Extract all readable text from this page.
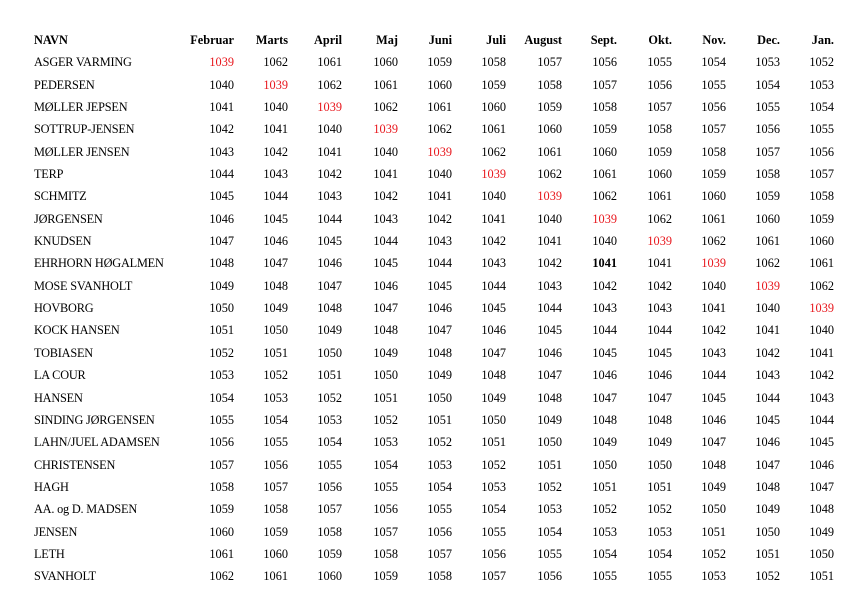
NAVN	Februar	Marts	April	Maj	Juni	Juli	August	Sept.	Okt.	Nov.	Dec.	Jan.
ASGER VARMING	1039	1062	1061	1060	1059	1058	1057	1056	1055	1054	1053	1052
PEDERSEN	1040	1039	1062	1061	1060	1059	1058	1057	1056	1055	1054	1053
MØLLER JEPSEN	1041	1040	1039	1062	1061	1060	1059	1058	1057	1056	1055	1054
SOTTRUP-JENSEN	1042	1041	1040	1039	1062	1061	1060	1059	1058	1057	1056	1055
MØLLER JENSEN	1043	1042	1041	1040	1039	1062	1061	1060	1059	1058	1057	1056
TERP	1044	1043	1042	1041	1040	1039	1062	1061	1060	1059	1058	1057
SCHMITZ	1045	1044	1043	1042	1041	1040	1039	1062	1061	1060	1059	1058
JØRGENSEN	1046	1045	1044	1043	1042	1041	1040	1039	1062	1061	1060	1059
KNUDSEN	1047	1046	1045	1044	1043	1042	1041	1040	1039	1062	1061	1060
EHRHORN HØGALMEN	1048	1047	1046	1045	1044	1043	1042	1041	1041	1039	1062	1061
MOSE SVANHOLT	1049	1048	1047	1046	1045	1044	1043	1042	1042	1040	1039	1062
HOVBORG	1050	1049	1048	1047	1046	1045	1044	1043	1043	1041	1040	1039
KOCK HANSEN	1051	1050	1049	1048	1047	1046	1045	1044	1044	1042	1041	1040
TOBIASEN	1052	1051	1050	1049	1048	1047	1046	1045	1045	1043	1042	1041
LA COUR	1053	1052	1051	1050	1049	1048	1047	1046	1046	1044	1043	1042
HANSEN	1054	1053	1052	1051	1050	1049	1048	1047	1047	1045	1044	1043
SINDING JØRGENSEN	1055	1054	1053	1052	1051	1050	1049	1048	1048	1046	1045	1044
LAHN/JUEL ADAMSEN	1056	1055	1054	1053	1052	1051	1050	1049	1049	1047	1046	1045
CHRISTENSEN	1057	1056	1055	1054	1053	1052	1051	1050	1050	1048	1047	1046
HAGH	1058	1057	1056	1055	1054	1053	1052	1051	1051	1049	1048	1047
AA. og D. MADSEN	1059	1058	1057	1056	1055	1054	1053	1052	1052	1050	1049	1048
JENSEN	1060	1059	1058	1057	1056	1055	1054	1053	1053	1051	1050	1049
LETH	1061	1060	1059	1058	1057	1056	1055	1054	1054	1052	1051	1050
SVANHOLT	1062	1061	1060	1059	1058	1057	1056	1055	1055	1053	1052	1051
